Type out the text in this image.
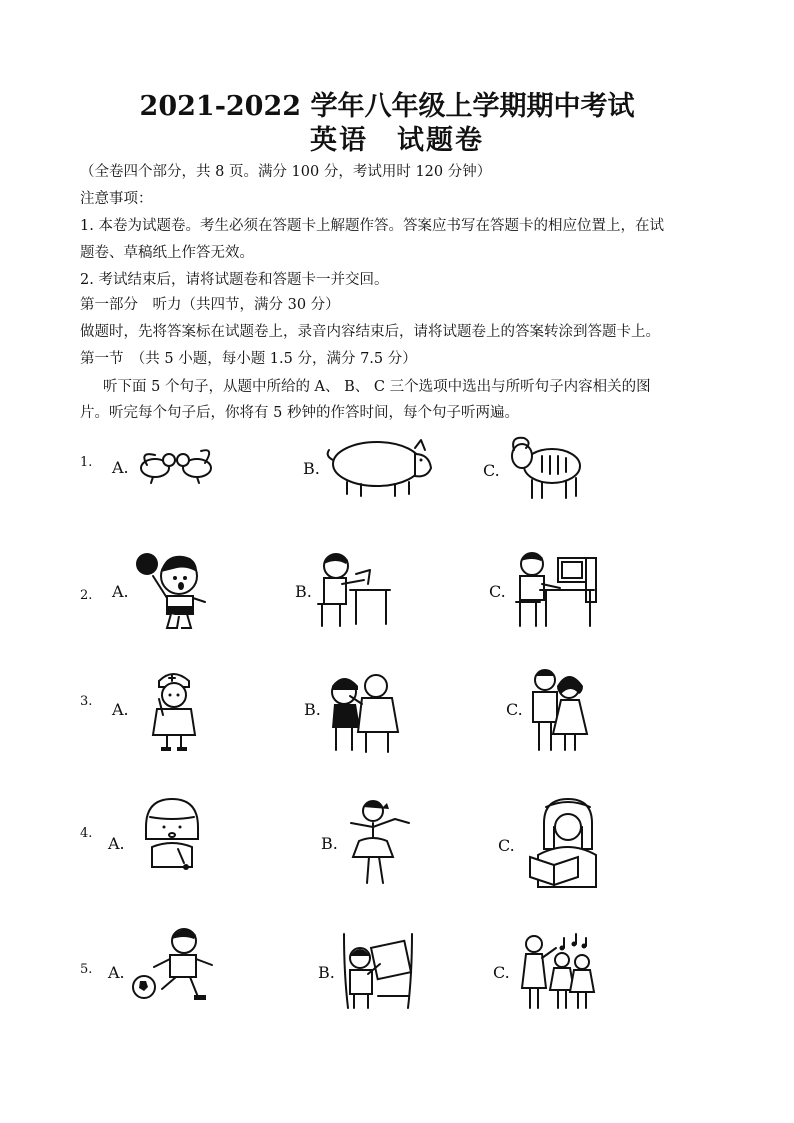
2021-2022 学年八年级上学期期中考试
英语　试题卷
（全卷四个部分，共 8 页。满分 100 分，考试用时 120 分钟）
注意事项：
1. 本卷为试题卷。考生必须在答题卡上解题作答。答案应书写在答题卡的相应位置上，在试
题卷、草稿纸上作答无效。
2. 考试结束后，请将试题卷和答题卡一并交回。
第一部分　听力（共四节，满分 30 分）
做题时，先将答案标在试题卷上，录音内容结束后，请将试题卷上的答案转涂到答题卡上。
第一节　（共 5 小题，每小题 1.5 分，满分 7.5 分）
听下面 5 个句子，从题中所给的 A、 B、 C 三个选项中选出与所听句子内容相关的图
片。听完每个句子后，你将有 5 秒钟的作答时间，每个句子听两遍。
1. A.	B.	C.
2. A.	B.	C.
3. A.	B.	C.
4.
A.	B.	C.
5. A.	B.	C.
